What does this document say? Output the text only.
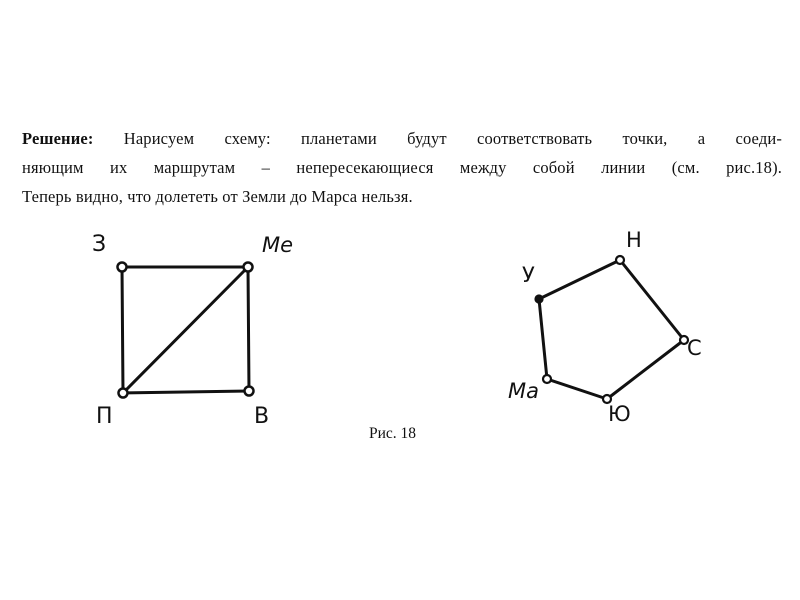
Решение: Нарисуем схему: планетами будут соответствовать точки, а соеди-
няющим их маршрутам – непересекающиеся между собой линии (см. рис.18).
Теперь видно, что долететь от Земли до Марса нельзя.
З	Me
П	В
Н
У
С
Ma
Ю
Рис. 18
